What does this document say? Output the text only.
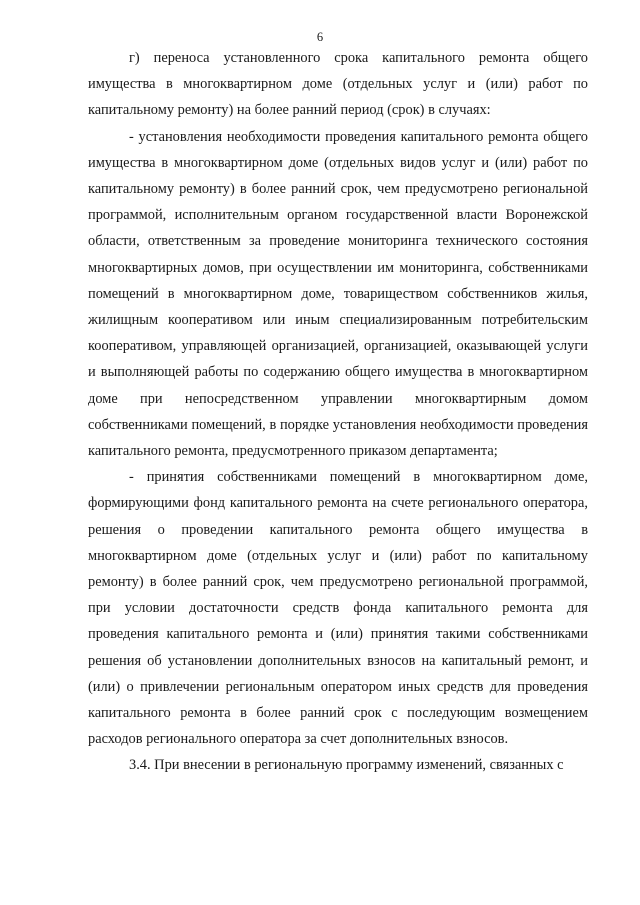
6

г) переноса установленного срока капитального ремонта общего имущества в многоквартирном доме (отдельных услуг и (или) работ по капитальному ремонту) на более ранний период (срок) в случаях:

- установления необходимости проведения капитального ремонта общего имущества в многоквартирном доме (отдельных видов услуг и (или) работ по капитальному ремонту) в более ранний срок, чем предусмотрено региональной программой, исполнительным органом государственной власти Воронежской области, ответственным за проведение мониторинга технического состояния многоквартирных домов, при осуществлении им мониторинга, собственниками помещений в многоквартирном доме, товариществом собственников жилья, жилищным кооперативом или иным специализированным потребительским кооперативом, управляющей организацией, организацией, оказывающей услуги и выполняющей работы по содержанию общего имущества в многоквартирном доме при непосредственном управлении многоквартирным домом собственниками помещений, в порядке установления необходимости проведения капитального ремонта, предусмотренного приказом департамента;

- принятия собственниками помещений в многоквартирном доме, формирующими фонд капитального ремонта на счете регионального оператора, решения о проведении капитального ремонта общего имущества в многоквартирном доме (отдельных услуг и (или) работ по капитальному ремонту) в более ранний срок, чем предусмотрено региональной программой, при условии достаточности средств фонда капитального ремонта для проведения капитального ремонта и (или) принятия такими собственниками решения об установлении дополнительных взносов на капитальный ремонт, и (или) о привлечении региональным оператором иных средств для проведения капитального ремонта в более ранний срок с последующим возмещением расходов регионального оператора за счет дополнительных взносов.

3.4. При внесении в региональную программу изменений, связанных с
